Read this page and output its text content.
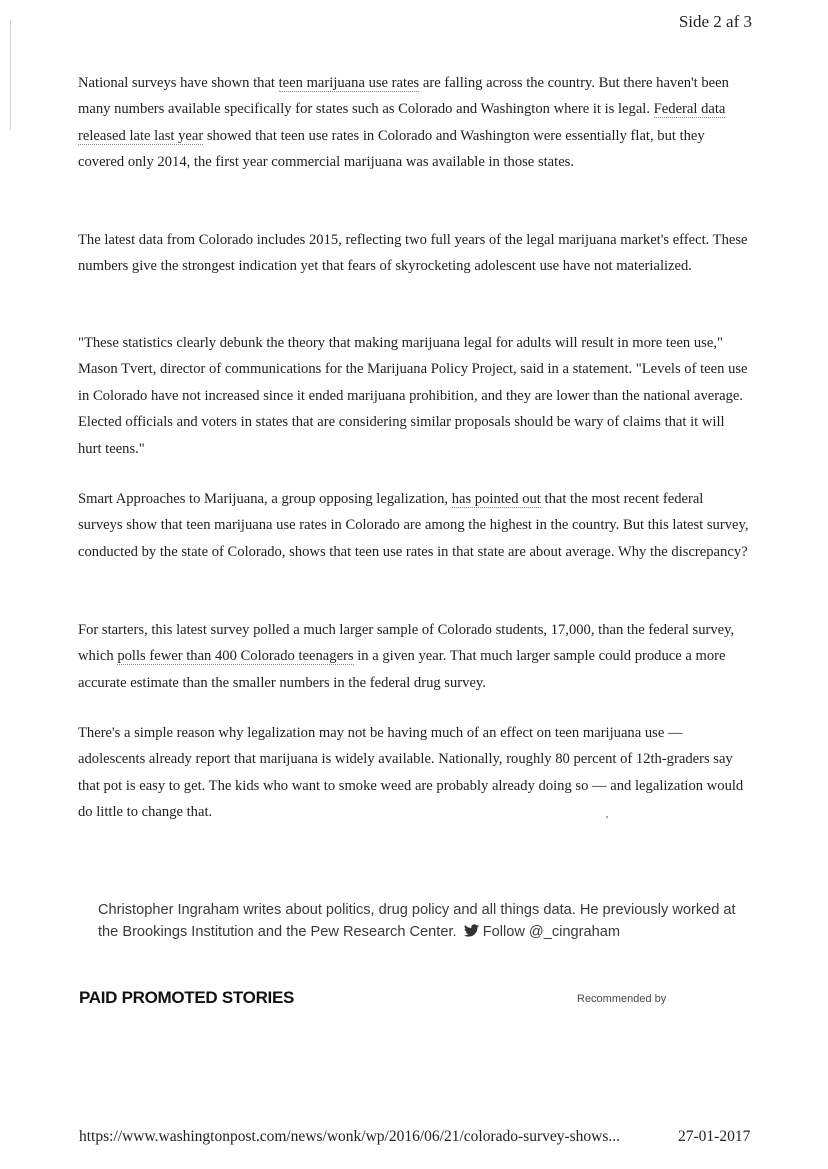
Side 2 af 3

National surveys have shown that teen marijuana use rates are falling across the country. But there haven't been many numbers available specifically for states such as Colorado and Washington where it is legal. Federal data released late last year showed that teen use rates in Colorado and Washington were essentially flat, but they covered only 2014, the first year commercial marijuana was available in those states.

The latest data from Colorado includes 2015, reflecting two full years of the legal marijuana market's effect. These numbers give the strongest indication yet that fears of skyrocketing adolescent use have not materialized.

"These statistics clearly debunk the theory that making marijuana legal for adults will result in more teen use," Mason Tvert, director of communications for the Marijuana Policy Project, said in a statement. "Levels of teen use in Colorado have not increased since it ended marijuana prohibition, and they are lower than the national average. Elected officials and voters in states that are considering similar proposals should be wary of claims that it will hurt teens."

Smart Approaches to Marijuana, a group opposing legalization, has pointed out that the most recent federal surveys show that teen marijuana use rates in Colorado are among the highest in the country. But this latest survey, conducted by the state of Colorado, shows that teen use rates in that state are about average. Why the discrepancy?

For starters, this latest survey polled a much larger sample of Colorado students, 17,000, than the federal survey, which polls fewer than 400 Colorado teenagers in a given year. That much larger sample could produce a more accurate estimate than the smaller numbers in the federal drug survey.

There's a simple reason why legalization may not be having much of an effect on teen marijuana use — adolescents already report that marijuana is widely available. Nationally, roughly 80 percent of 12th-graders say that pot is easy to get. The kids who want to smoke weed are probably already doing so — and legalization would do little to change that.

Christopher Ingraham writes about politics, drug policy and all things data. He previously worked at the Brookings Institution and the Pew Research Center. Follow @_cingraham
PAID PROMOTED STORIES	Recommended by
https://www.washingtonpost.com/news/wonk/wp/2016/06/21/colorado-survey-shows...	27-01-2017
